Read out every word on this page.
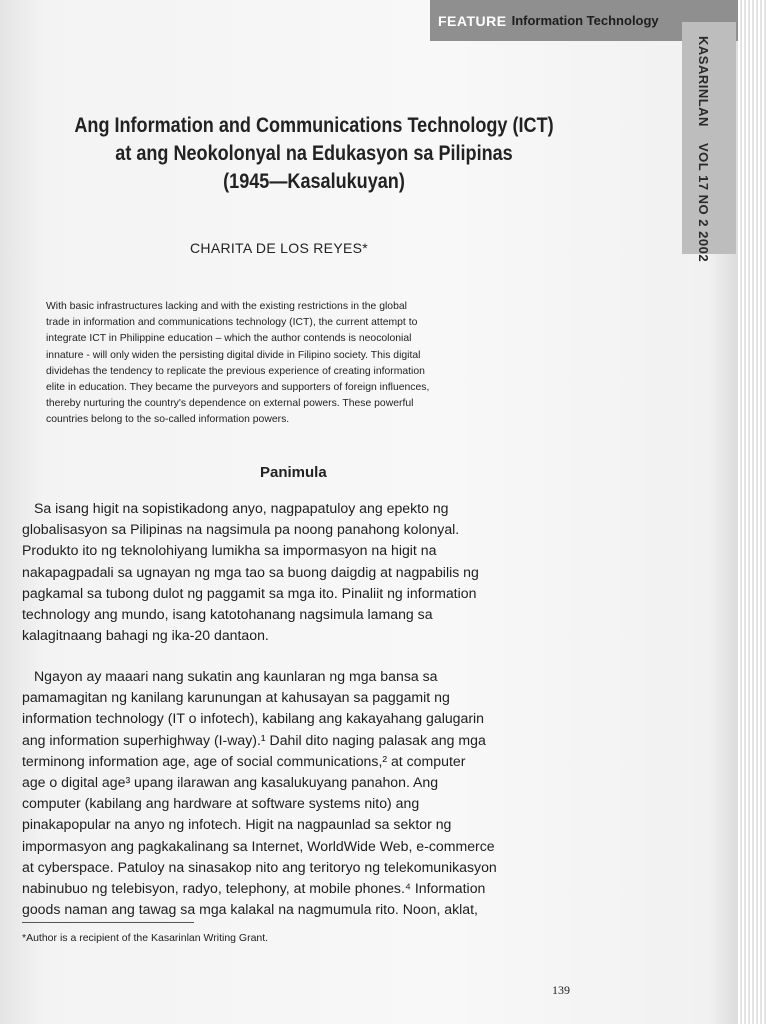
FEATURE Information Technology
KASARINLAN VOL 17 NO 2 2002
Ang Information and Communications Technology (ICT)
at ang Neokolonyal na Edukasyon sa Pilipinas
(1945—Kasalukuyan)
CHARITA DE LOS REYES*
With basic infrastructures lacking and with the existing restrictions in the global
trade in information and communications technology (ICT), the current attempt to
integrate ICT in Philippine education – which the author contends is neocolonial
innature - will only widen the persisting digital divide in Filipino society. This digital
dividehas the tendency to replicate the previous experience of creating information
elite in education. They became the purveyors and supporters of foreign influences,
thereby nurturing the country's dependence on external powers. These powerful
countries belong to the so-called information powers.
Panimula
Sa isang higit na sopistikadong anyo, nagpapatuloy ang epekto ng
globalisasyon sa Pilipinas na nagsimula pa noong panahong kolonyal.
Produkto ito ng teknolohiyang lumikha sa impormasyon na higit na
nakapagpadali sa ugnayan ng mga tao sa buong daigdig at nagpabilis ng
pagkamal sa tubong dulot ng paggamit sa mga ito. Pinaliit ng information
technology ang mundo, isang katotohanang nagsimula lamang sa
kalagitnaang bahagi ng ika-20 dantaon.
Ngayon ay maaari nang sukatin ang kaunlaran ng mga bansa sa
pamamagitan ng kanilang karunungan at kahusayan sa paggamit ng
information technology (IT o infotech), kabilang ang kakayahang galugarin
ang information superhighway (I-way).¹ Dahil dito naging palasak ang mga
terminong information age, age of social communications,² at computer
age o digital age³ upang ilarawan ang kasalukuyang panahon. Ang
computer (kabilang ang hardware at software systems nito) ang
pinakapopular na anyo ng infotech. Higit na nagpaunlad sa sektor ng
impormasyon ang pagkakalinang sa Internet, WorldWide Web, e-commerce
at cyberspace. Patuloy na sinasakop nito ang teritoryo ng telekomunikasyon
nabinubuo ng telebisyon, radyo, telephony, at mobile phones.⁴ Information
goods naman ang tawag sa mga kalakal na nagmumula rito. Noon, aklat,
*Author is a recipient of the Kasarinlan Writing Grant.
139
